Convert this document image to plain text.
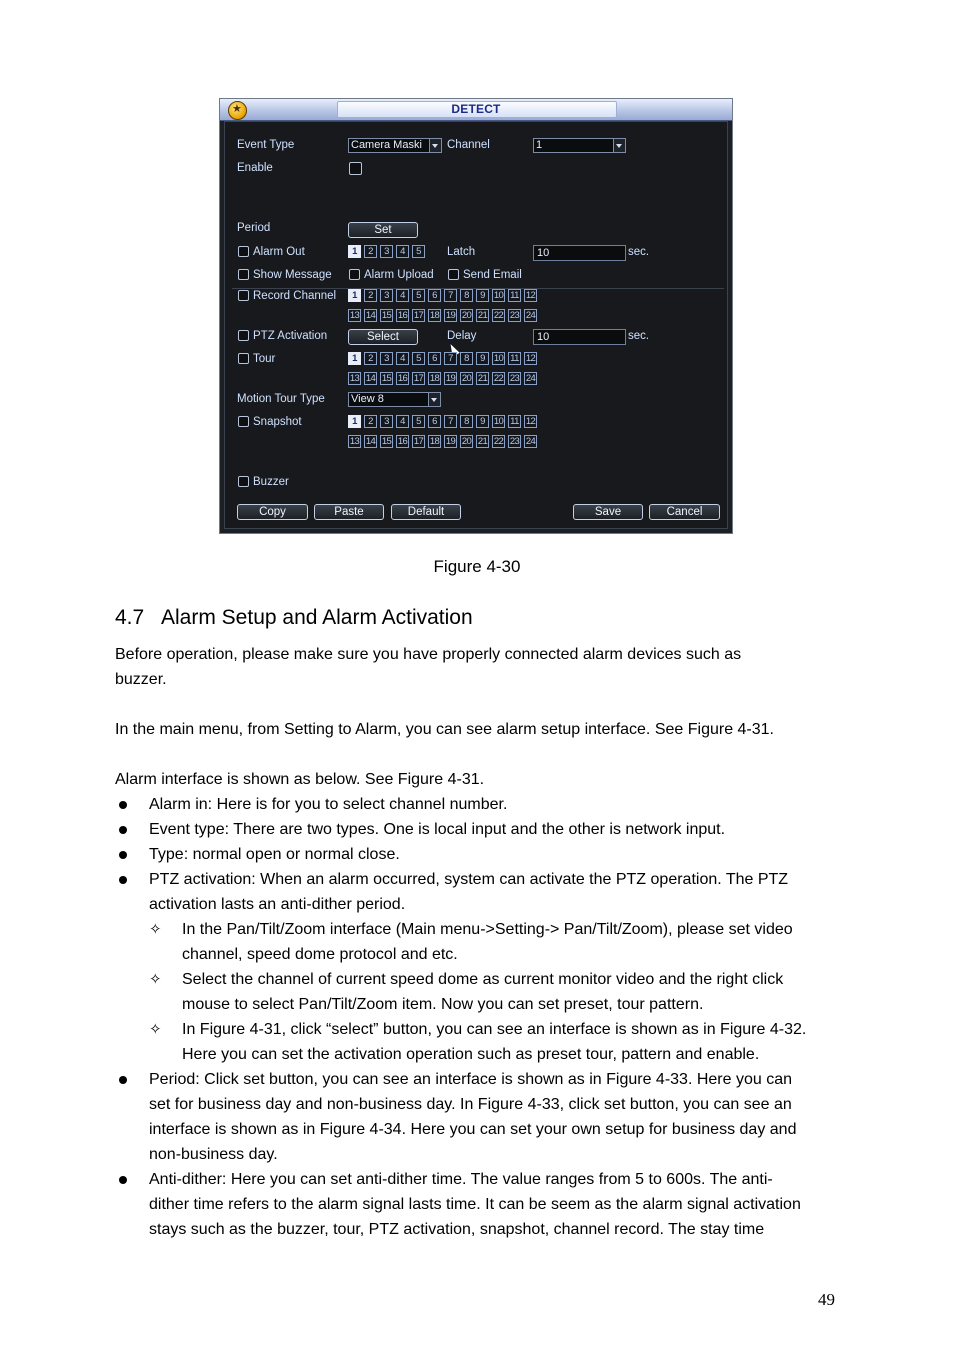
★
DETECT
Event Type	Camera Maski	Channel	1
Enable
Period	Set
Alarm Out	1	2	3	4	5	Latch	10	sec.
Show Message	Alarm Upload	Send Email
Record Channel	1	2	3	4	5	6	7	8	9 10 11 12
13 14 15 16 17 18 19 20 21 22 23 24
PTZ Activation	Select	Delay	10	sec.
Tour	1	2	3	4	5	6	7	8	9 10 11 12
13 14 15 16 17 18 19 20 21 22 23 24
Motion Tour Type View 8
Snapshot	1	2	3	4	5	6	7	8	9 10 11 12
13 14 15 16 17 18 19 20 21 22 23 24
Buzzer
Copy	Paste	Default	Save	Cancel
Figure 4-30
4.7 Alarm Setup and Alarm Activation
Before operation, please make sure you have properly connected alarm devices such as
buzzer.
In the main menu, from Setting to Alarm, you can see alarm setup interface. See Figure 4-31.
Alarm interface is shown as below. See Figure 4-31.
Alarm in: Here is for you to select channel number.
Event type: There are two types. One is local input and the other is network input.
Type: normal open or normal close.
PTZ activation: When an alarm occurred, system can activate the PTZ operation. The PTZ
activation lasts an anti-dither period.
✧ In the Pan/Tilt/Zoom interface (Main menu->Setting-> Pan/Tilt/Zoom), please set video
channel, speed dome protocol and etc.
✧ Select the channel of current speed dome as current monitor video and the right click
mouse to select Pan/Tilt/Zoom item. Now you can set preset, tour pattern.
✧ In Figure 4-31, click “select” button, you can see an interface is shown as in Figure 4-32.
Here you can set the activation operation such as preset tour, pattern and enable.
Period: Click set button, you can see an interface is shown as in Figure 4-33. Here you can
set for business day and non-business day. In Figure 4-33, click set button, you can see an
interface is shown as in Figure 4-34. Here you can set your own setup for business day and
non-business day.
Anti-dither: Here you can set anti-dither time. The value ranges from 5 to 600s. The anti-
dither time refers to the alarm signal lasts time. It can be seem as the alarm signal activation
stays such as the buzzer, tour, PTZ activation, snapshot, channel record. The stay time
49
